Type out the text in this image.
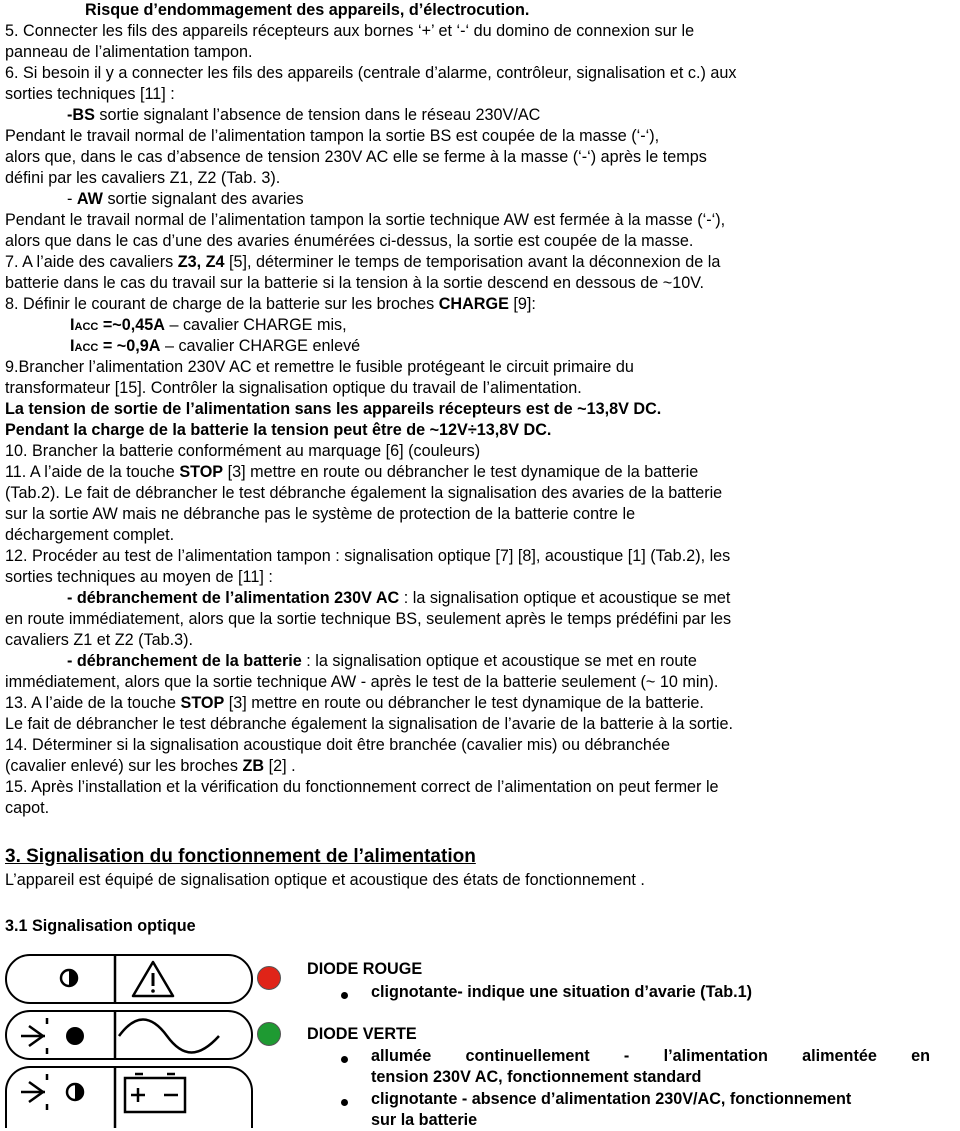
Risque d’endommagement des appareils, d’électrocution.
5. Connecter les fils des appareils récepteurs aux bornes ‘+’ et ‘-‘ du domino de connexion sur le
panneau de l’alimentation tampon.
6. Si besoin il y a connecter les fils des appareils (centrale d’alarme, contrôleur, signalisation et c.) aux
sorties techniques [11] :
-BS sortie signalant l’absence de tension dans le réseau 230V/AC
Pendant le travail normal de l’alimentation tampon la sortie BS est coupée de la masse (‘-‘),
alors que, dans le cas d’absence de tension 230V AC elle se ferme à la masse (‘-‘) après le temps
défini par les cavaliers Z1, Z2 (Tab. 3).
- AW sortie signalant des avaries
Pendant le travail normal de l’alimentation tampon la sortie technique AW est fermée à la masse (‘-‘),
alors que dans le cas d’une des avaries énumérées ci-dessus, la sortie est coupée de la masse.
7. A l’aide des cavaliers Z3, Z4 [5], déterminer le temps de temporisation avant la déconnexion de la
batterie dans le cas du travail sur la batterie si la tension à la sortie descend en dessous de ~10V.
8. Définir le courant de charge de la batterie sur les broches CHARGE [9]:
IACC =~0,45A – cavalier CHARGE mis,
IACC = ~0,9A – cavalier CHARGE enlevé
9.Brancher l’alimentation 230V AC et remettre le fusible protégeant le circuit primaire du
transformateur [15]. Contrôler la signalisation optique du travail de l’alimentation.
La tension de sortie de l’alimentation sans les appareils récepteurs est de ~13,8V DC.
Pendant la charge de la batterie la tension peut être de ~12V÷13,8V DC.
10. Brancher la batterie conformément au marquage [6] (couleurs)
11. A l’aide de la touche STOP [3] mettre en route ou débrancher le test dynamique de la batterie
(Tab.2). Le fait de débrancher le test débranche également la signalisation des avaries de la batterie
sur la sortie AW mais ne débranche pas le système de protection de la batterie contre le
déchargement complet.
12. Procéder au test de l’alimentation tampon : signalisation optique [7] [8], acoustique [1] (Tab.2), les
sorties techniques au moyen de [11] :
- débranchement de l’alimentation 230V AC : la signalisation optique et acoustique se met
en route immédiatement, alors que la sortie technique BS, seulement après le temps prédéfini par les
cavaliers Z1 et Z2 (Tab.3).
- débranchement de la batterie : la signalisation optique et acoustique se met en route
immédiatement, alors que la sortie technique AW - après le test de la batterie seulement (~ 10 min).
13. A l’aide de la touche STOP [3] mettre en route ou débrancher le test dynamique de la batterie.
Le fait de débrancher le test débranche également la signalisation de l’avarie de la batterie à la sortie.
14. Déterminer si la signalisation acoustique doit être branchée (cavalier mis) ou débranchée
(cavalier enlevé) sur les broches ZB [2] .
15. Après l’installation et la vérification du fonctionnement correct de l’alimentation on peut fermer le
capot.
3. Signalisation du fonctionnement de l’alimentation
L’appareil est équipé de signalisation optique et acoustique des états de fonctionnement .
3.1 Signalisation optique
DIODE ROUGE
clignotante- indique une situation d’avarie (Tab.1)
DIODE VERTE
allumée continuellement - l’alimentation alimentée en
tension 230V AC, fonctionnement standard
clignotante - absence d’alimentation 230V/AC, fonctionnement
sur la batterie
